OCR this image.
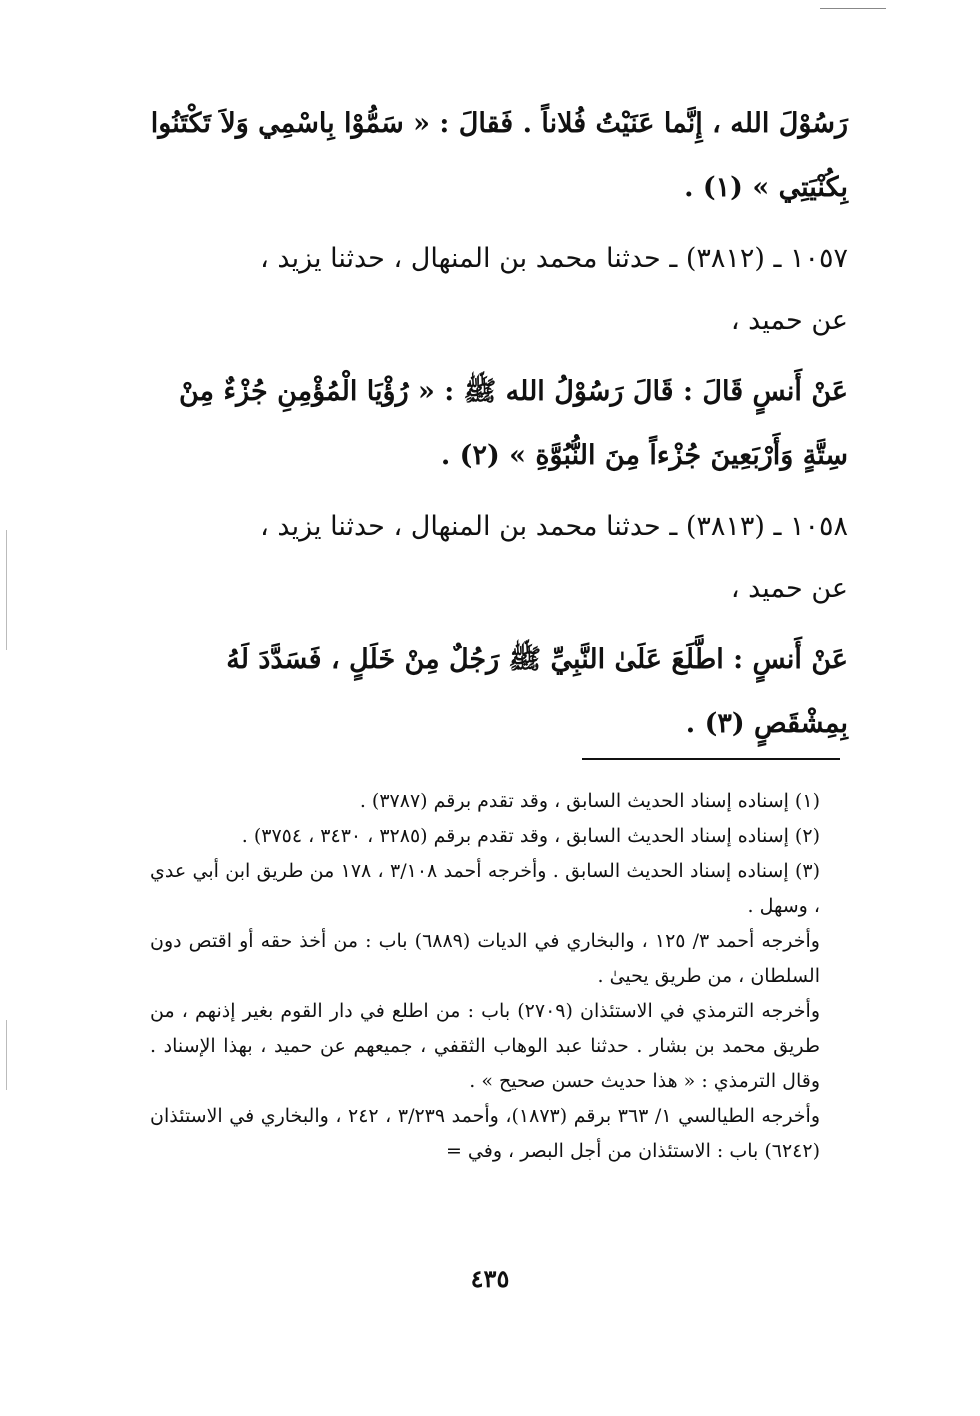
رَسُوْلَ الله ، إِنَّما عَنَيْتُ فُلاناً . فَقالَ : « سَمُّوْا بِاسْمِي وَلاَ تَكْتَنُوا

بِكُنْيَتِي » (١) .

١٠٥٧ ـ (٣٨١٢) ـ حدثنا محمد بن المنهال ، حدثنا يزيد ،

عن حميد ،

عَنْ أَنسٍ قَالَ : قَالَ رَسُوْلُ الله ﷺ : « رُؤْيَا الْمُؤْمِنِ جُزْءٌ مِنْ

سِتَّةٍ وَأَرْبَعِينَ جُزْءاً مِنَ النُّبُوَّةِ » (٢) .

١٠٥٨ ـ (٣٨١٣) ـ حدثنا محمد بن المنهال ، حدثنا يزيد ،

عن حميد ،

عَنْ أَنسٍ : اطَّلَعَ عَلَىٰ النَّبِيِّ ﷺ رَجُلٌ مِنْ خَلَلٍ ، فَسَدَّدَ لَهُ

بِمِشْقَصٍ (٣) .

(١) إسناده إسناد الحديث السابق ، وقد تقدم برقم (٣٧٨٧) .

(٢) إسناده إسناد الحديث السابق ، وقد تقدم برقم (٣٢٨٥ ، ٣٤٣٠ ، ٣٧٥٤) .

(٣) إسناده إسناد الحديث السابق . وأخرجه أحمد ٣/١٠٨ ، ١٧٨ من طريق ابن أبي عدي ، وسهل .

وأخرجه أحمد ٣/ ١٢٥ ، والبخاري في الديات (٦٨٨٩) باب : من أخذ حقه أو اقتص دون السلطان ، من طريق يحيىٰ .

وأخرجه الترمذي في الاستئذان (٢٧٠٩) باب : من اطلع في دار القوم بغير إذنهم ، من طريق محمد بن بشار . حدثنا عبد الوهاب الثقفي ، جميعهم عن حميد ، بهذا الإسناد . وقال الترمذي : « هذا حديث حسن صحيح » .

وأخرجه الطيالسي ١/ ٣٦٣ برقم (١٨٧٣)، وأحمد ٣/٢٣٩ ، ٢٤٢ ، والبخاري في الاستئذان (٦٢٤٢) باب : الاستئذان من أجل البصر ، وفي =

٤٣٥
